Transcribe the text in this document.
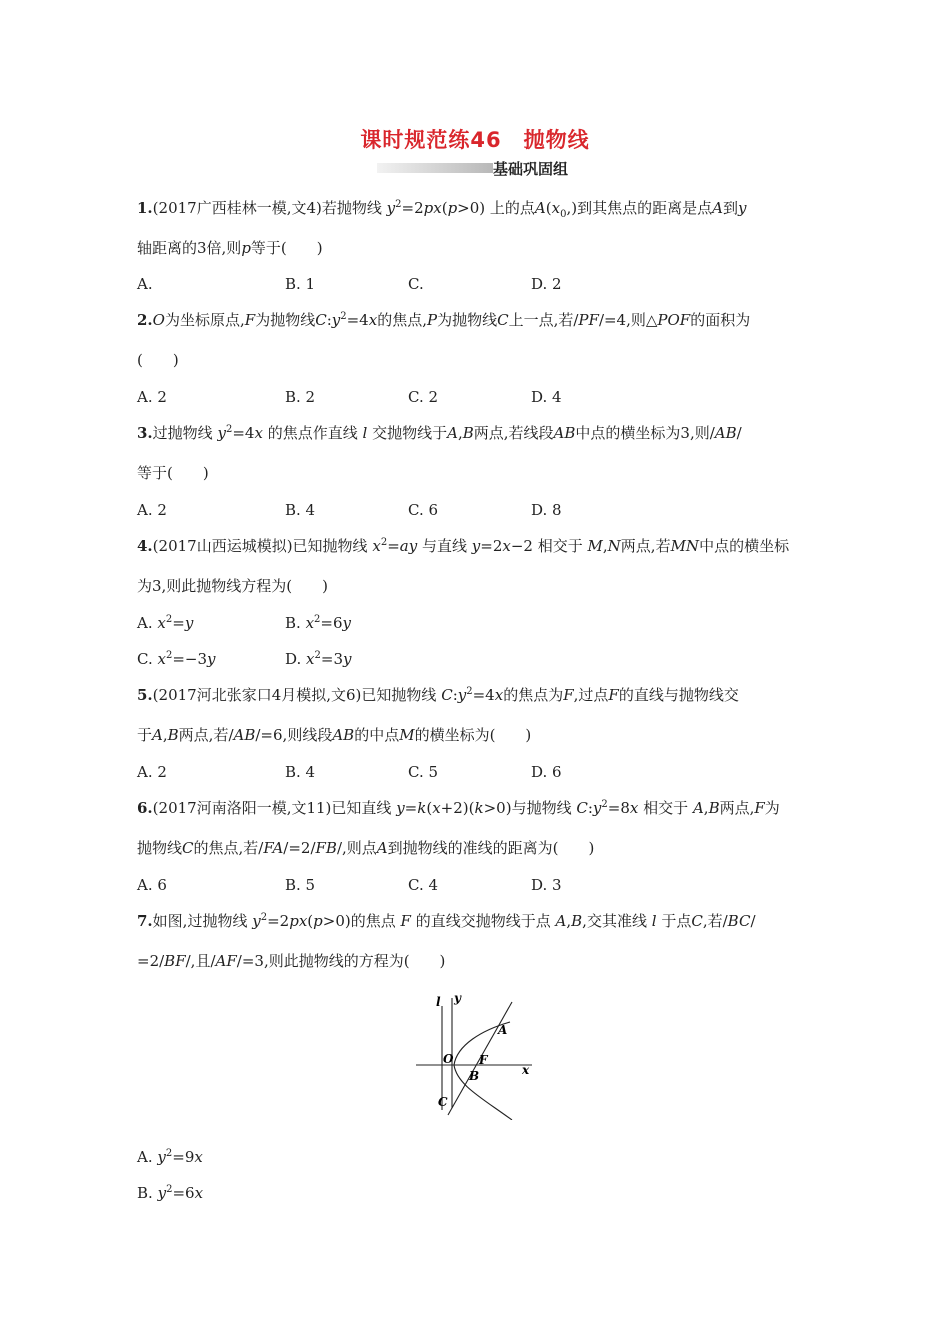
课时规范练46 抛物线
基础巩固组
1.(2017广西桂林一模,文4)若抛物线 $y^2=2px(p>0)$ 上的点$A(x_0,)$到其焦点的距离是点A到y
轴距离的3倍,则p等于(　　)
A.	B. 1	C.	D. 2
2.O为坐标原点,F为抛物线$C:y^2=4x$的焦点,P为抛物线C上一点,若/PF/=4,则△POF的面积为
(　　)
A. 2	B. 2	C. 2	D. 4
3.过抛物线 $y^2=4x$ 的焦点作直线 l 交抛物线于A,B两点,若线段AB中点的横坐标为3,则/AB/
等于(　　)
A. 2	B. 4	C. 6	D. 8
4.(2017山西运城模拟)已知抛物线 $x^2=ay$ 与直线 y=2x−2 相交于 M,N两点,若MN中点的横坐标
为3,则此抛物线方程为(　　)
A. $x^2=y$	B. $x^2=6y$
C. $x^2=-3y$	D. $x^2=3y$
5.(2017河北张家口4月模拟,文6)已知抛物线 $C:y^2=4x$的焦点为F,过点F的直线与抛物线交
于A,B两点,若/AB/=6,则线段AB的中点M的横坐标为(　　)
A. 2	B. 4	C. 5	D. 6
6.(2017河南洛阳一模,文11)已知直线 y=k(x+2)(k>0)与抛物线 $C:y^2=8x$ 相交于 A,B两点,F为
抛物线C的焦点,若/FA/=2/FB/,则点A到抛物线的准线的距离为(　　)
A. 6	B. 5	C. 4	D. 3
7.如图,过抛物线 $y^2=2px(p>0)$的焦点 F 的直线交抛物线于点 A,B,交其准线 l 于点C,若/BC/
=2/BF/,且/AF/=3,则此抛物线的方程为(　　)
l y
A
O F
B	x
C
A. $y^2=9x$
B. $y^2=6x$
